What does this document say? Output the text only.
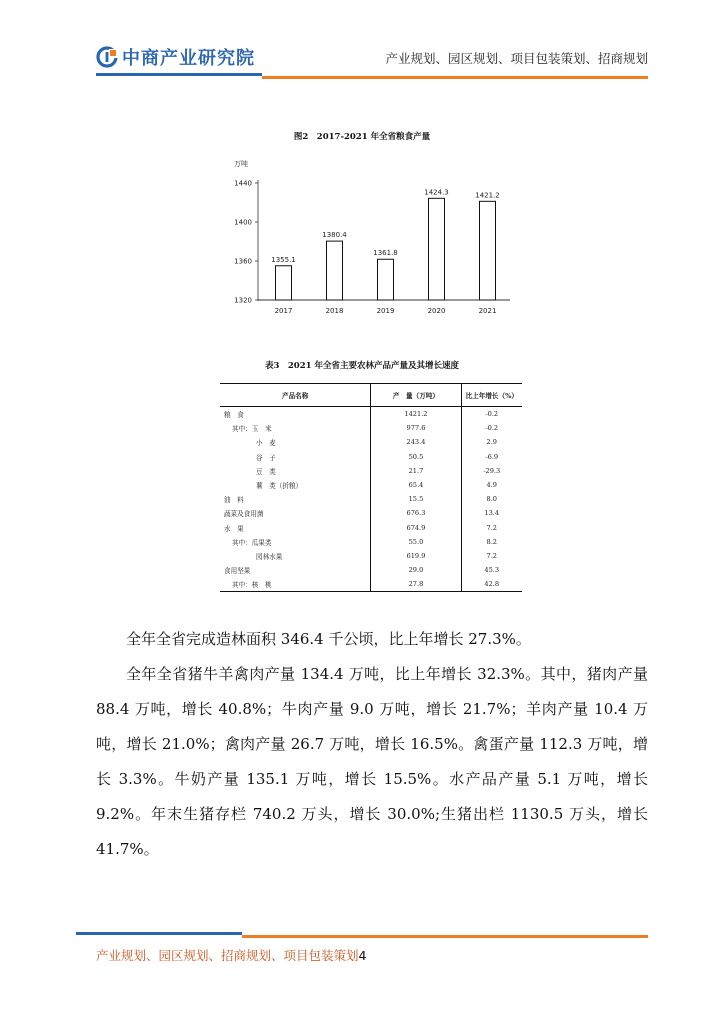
中商产业研究院	产业规划、园区规划、项目包装策划、招商规划
图2　2017-2021 年全省粮食产量
万吨
1320
1360
1400
1440
1355.1
2017
1380.4
2018
1361.8
2019
1424.3
2020
1421.2
2021
表3　2021 年全省主要农林产品产量及其增长速度
产品名称	产　量（万吨）	比上年增长（%）
粮　食	1421.2	-0.2
其中：玉　米	977.6	-0.2
小　麦	243.4	2.9
谷　子	50.5	-6.9
豆　类	21.7	-29.3
薯　类（折粮）	65.4	4.9
油　料	15.5	8.0
蔬菜及食用菌	676.3	13.4
水　果	674.9	7.2
其中：瓜果类	55.0	8.2
园林水果	619.9	7.2
食用坚果	29.0	45.3
其中：核　桃	27.8	42.8

全年全省完成造林面积 346.4 千公顷，比上年增长 27.3%。

全年全省猪牛羊禽肉产量 134.4 万吨，比上年增长 32.3%。其中，猪肉产量 88.4 万吨，增长 40.8%；牛肉产量 9.0 万吨，增长 21.7%；羊肉产量 10.4 万吨，增长 21.0%；禽肉产量 26.7 万吨，增长 16.5%。禽蛋产量 112.3 万吨，增长 3.3%。牛奶产量 135.1 万吨，增长 15.5%。水产品产量 5.1 万吨，增长 9.2%。年末生猪存栏 740.2 万头，增长 30.0%;生猪出栏 1130.5 万头，增长 41.7%。

产业规划、园区规划、招商规划、项目包装策划4
